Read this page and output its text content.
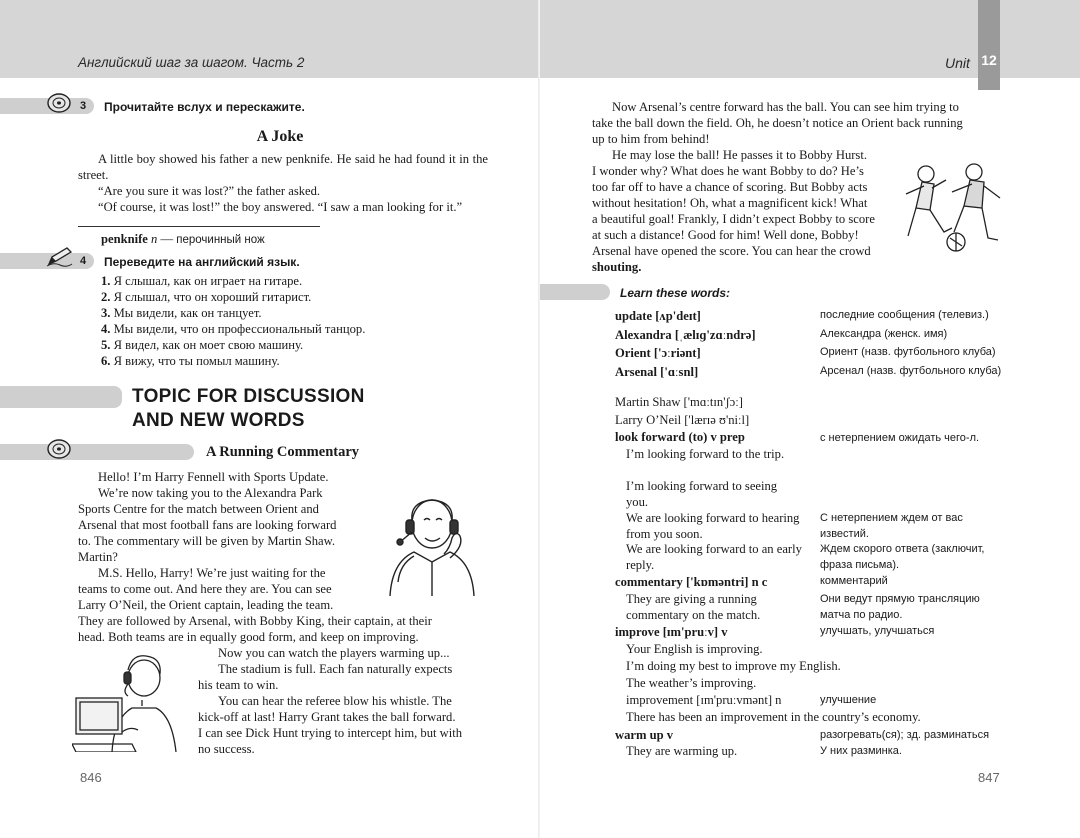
Английский шаг за шагом. Часть 2
3 Прочитайте вслух и перескажите.
A Joke

A little boy showed his father a new penknife. He said he had found it in the street.

“Are you sure it was lost?” the father asked.

“Of course, it was lost!” the boy answered. “I saw a man looking for it.”

penknife n — перочинный нож
4 Переведите на английский язык.
1. Я слышал, как он играет на гитаре.
2. Я слышал, что он хороший гитарист.
3. Мы видели, как он танцует.
4. Мы видели, что он профессиональный танцор.
5. Я видел, как он моет свою машину.
6. Я вижу, что ты помыл машину.
TOPIC FOR DISCUSSION
AND NEW WORDS
A Running Commentary

Hello! I’m Harry Fennell with Sports Update.

We’re now taking you to the Alexandra Park

Sports Centre for the match between Orient and

Arsenal that most football fans are looking forward

to. The commentary will be given by Martin Shaw.

Martin?

M.S. Hello, Harry! We’re just waiting for the

teams to come out. And here they are. You can see

Larry O’Neil, the Orient captain, leading the team.

They are followed by Arsenal, with Bobby King, their captain, at their

head. Both teams are in equally good form, and keep on improving.

Now you can watch the players warming up...

The stadium is full. Each fan naturally expects

his team to win.

You can hear the referee blow his whistle. The

kick-off at last! Harry Grant takes the ball forward.

I can see Dick Hunt trying to intercept him, but with

no success.

846
Unit 12

Now Arsenal’s centre forward has the ball. You can see him trying to

take the ball down the field. Oh, he doesn’t notice an Orient back running

up to him from behind!

He may lose the ball! He passes it to Bobby Hurst.

I wonder why? What does he want Bobby to do? He’s

too far off to have a chance of scoring. But Bobby acts

without hesitation! Oh, what a magnificent kick! What

a beautiful goal! Frankly, I didn’t expect Bobby to score

at such a distance! Good for him! Well done, Bobby!

Arsenal have opened the score. You can hear the crowd

shouting.

Learn these words:
update [ʌp'deɪt]	последние сообщения (телевиз.)
Alexandra [ˌælɪɡ'zɑːndrə]	Александра (женск. имя)
Orient ['ɔːriənt]	Ориент (назв. футбольного клуба)
Arsenal ['ɑːsnl]	Арсенал (назв. футбольного клуба)
Martin Shaw ['mɑːtɪn'ʃɔː]
Larry O’Neil ['lærɪə ʊ'niːl]
look forward (to) v prep	с нетерпением ожидать чего-л.
I’m looking forward to the trip.
I’m looking forward to seeing you.
We are looking forward to hearing from you soon.
С нетерпением ждем от вас известий.
We are looking forward to an early reply.
Ждем скорого ответа (заключит, фраза письма).
commentary ['kɒməntri] n c	комментарий
They are giving a running commentary on the match.
Они ведут прямую трансляцию матча по радио.
improve [ɪm'pruːv] v	улучшать, улучшаться
Your English is improving.
I’m doing my best to improve my English.
The weather’s improving.
improvement [ɪm'pruːvmənt] n	улучшение
There has been an improvement in the country’s economy.
warm up v	разогревать(ся); зд. разминаться
They are warming up.	У них разминка.
847
